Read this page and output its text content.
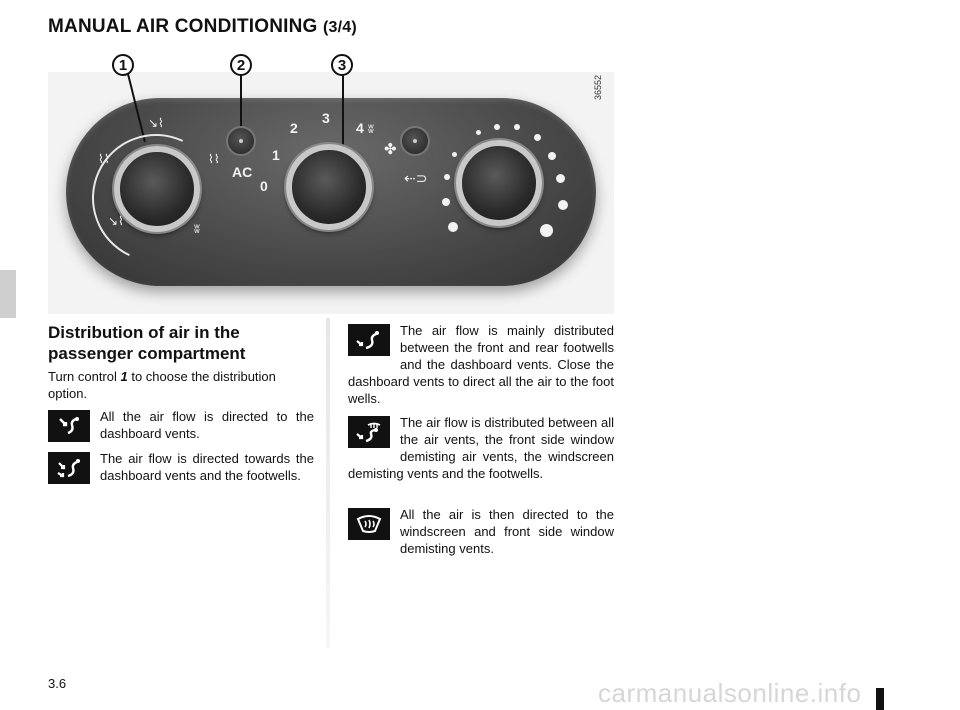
MANUAL AIR CONDITIONING (3/4)
36552
1	2	3
↘⌇
⌇⌇
↘⌇
⌇⌇
ʬ
AC
0
1
2
3
4 ʬ
✤
⇠⊃
Distribution of air in the passenger compartment
Turn control 1 to choose the distribution option.
All the air flow is directed to the dashboard vents.
The air flow is directed towards the dashboard vents and the footwells.
The air flow is mainly distributed between the front and rear footwells and the dashboard vents. Close the dashboard vents to direct all the air to the foot wells.
The air flow is distributed between all the air vents, the front side window demisting air vents, the windscreen demisting vents and the footwells.
All the air is then directed to the windscreen and front side window demisting vents.
3.6	carmanualsonline.info
